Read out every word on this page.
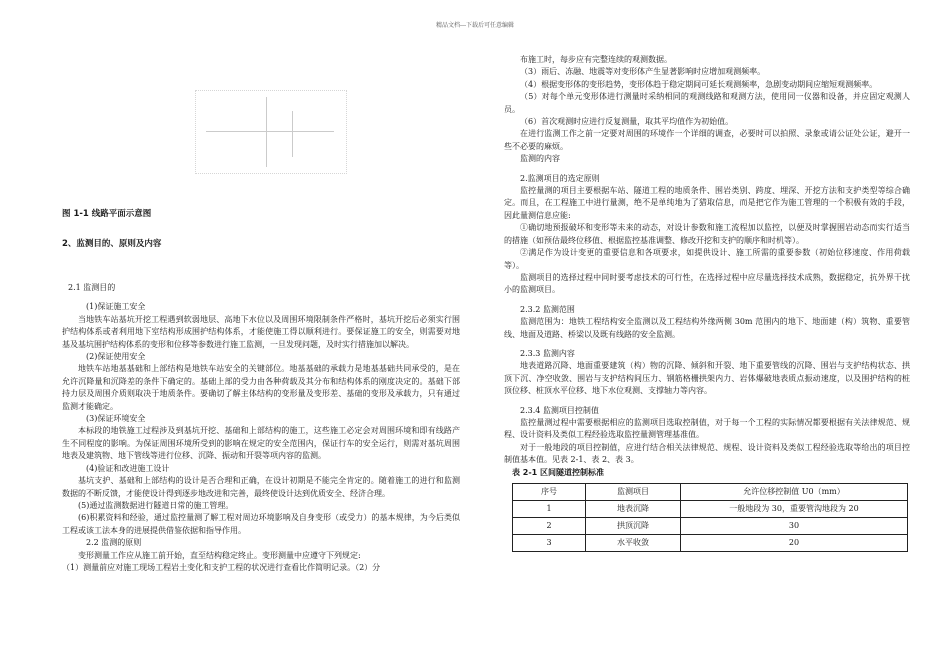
精品文档---下载后可任意编辑
图 1-1 线路平面示意图
2、监测目的、原则及内容

2.1 监测目的

(1)保证施工安全

当地铁车站基坑开挖工程遇到软弱地层、高地下水位以及周围环境限制条件严格时，基坑开挖后必须实行围护结构体系或者利用地下室结构形成围护结构体系，才能使施工得以顺利进行。要保证施工的安全，则需要对地基及基坑围护结构体系的变形和位移等参数进行施工监测，一旦发现问题，及时实行措施加以解决。

(2)保证使用安全

地铁车站地基基础和上部结构是地铁车站安全的关键部位。地基基础的承载力是地基基础共同承受的，是在允许沉降量和沉降差的条件下确定的。基础上部的受力由各种荷载及其分布和结构体系的刚度决定的。基础下部持力层及周围介质则取决于地质条件。要确切了解主体结构的变形量及变形差、基础的变形及承载力，只有通过监测才能确定。

(3)保证环境安全

本标段的地铁施工过程涉及到基坑开挖、基础和上部结构的施工，这些施工必定会对周围环境和即有线路产生不同程度的影响。为保证周围环境所受到的影响在规定的安全范围内，保证行车的安全运行，则需对基坑周围地表及建筑物、地下管线等进行位移、沉降、振动和开裂等项内容的监测。

(4)验证和改进施工设计

基坑支护、基础和上部结构的设计是否合理和正确，在设计初期是不能完全肯定的。随着施工的进行和监测数据的不断反馈，才能使设计得到逐步地改进和完善，最终使设计达到优质安全、经济合理。

(5)通过监测数据进行隧道日常的施工管理。

(6)积累资料和经验，通过监控量测了解工程对周边环境影响及自身变形（或受力）的基本规律，为今后类似工程或该工法本身的进展提供借鉴依据和指导作用。

2.2 监测的原则

变形测量工作应从施工前开始，直至结构稳定终止。变形测量中应遵守下列规定:

（1）测量前应对施工现场工程岩土变化和支护工程的状况进行查看比作简明记录。（2）分

布施工时，每步应有完整连续的观测数据。

（3）雨后、冻融、地震等对变形体产生显著影响时应增加观测频率。

（4）根据变形体的变形趋势，变形体趋于稳定期间可延长观测频率，急剧变动期间应缩短观测频率。

（5）对每个单元变形体进行测量时采纳相同的观测线路和观测方法，使用同一仪器和设备，并应固定观测人员。

（6）首次观测时应进行反复测量，取其平均值作为初始值。

在进行监测工作之前一定要对周围的环境作一个详细的调查，必要时可以拍照、录象或请公证处公证，避开一些不必要的麻烦。

监测的内容

2.监测项目的选定原则

监控量测的项目主要根据车站、隧道工程的地质条件、围岩类别、跨度、埋深、开挖方法和支护类型等综合确定。而且，在工程施工中进行量测，绝不是单纯地为了猎取信息，而是把它作为施工管理的一个积极有效的手段，因此量测信息应能:

①确切地预报破坏和变形等未来的动态，对设计参数和施工流程加以监控，以便及时掌握围岩动态而实行适当的措施（如预估最终位移值、根据监控基准调整、修改开挖和支护的顺序和时机等）。

②满足作为设计变更的重要信息和各项要求，如提供设计、施工所需的重要参数（初始位移速度、作用荷载等）。

监测项目的选择过程中同时要考虑技术的可行性，在选择过程中应尽量选择技术成熟，数据稳定，抗外界干扰小的监测项目。

2.3.2 监测范围

监测范围为：地铁工程结构安全监测以及工程结构外缘两侧 30m 范围内的地下、地面建（构）筑物、重要管线、地面及道路、桥梁以及既有线路的安全监测。

2.3.3 监测内容

地表道路沉降、地面重要建筑（构）物的沉降、倾斜和开裂、地下重要管线的沉降、围岩与支护结构状态、拱顶下沉、净空收敛、围岩与支护结构间压力、钢筋格栅拱架内力、岩体爆破地表质点振动速度，以及围护结构的桩顶位移、桩顶水平位移、地下水位观测、支撑轴力等内容。

2.3.4 监测项目控制值

监控量测过程中需要根据相应的监测项目选取控制值，对于每一个工程的实际情况都要根据有关法律规范、规程、设计资料及类似工程经验选取监控量测管理基准值。

对于一般地段的项目控制值，应进行结合相关法律规范、规程、设计资料及类似工程经验选取等给出的项目控制值基本值。见表 2-1、表 2、表 3。

表 2-1 区间隧道控制标准

序号	监测项目	允许位移控制值 U0（mm）
1	地表沉降	一般地段为 30，重要管沟地段为 20
2	拱顶沉降	30
3	水平收敛	20
